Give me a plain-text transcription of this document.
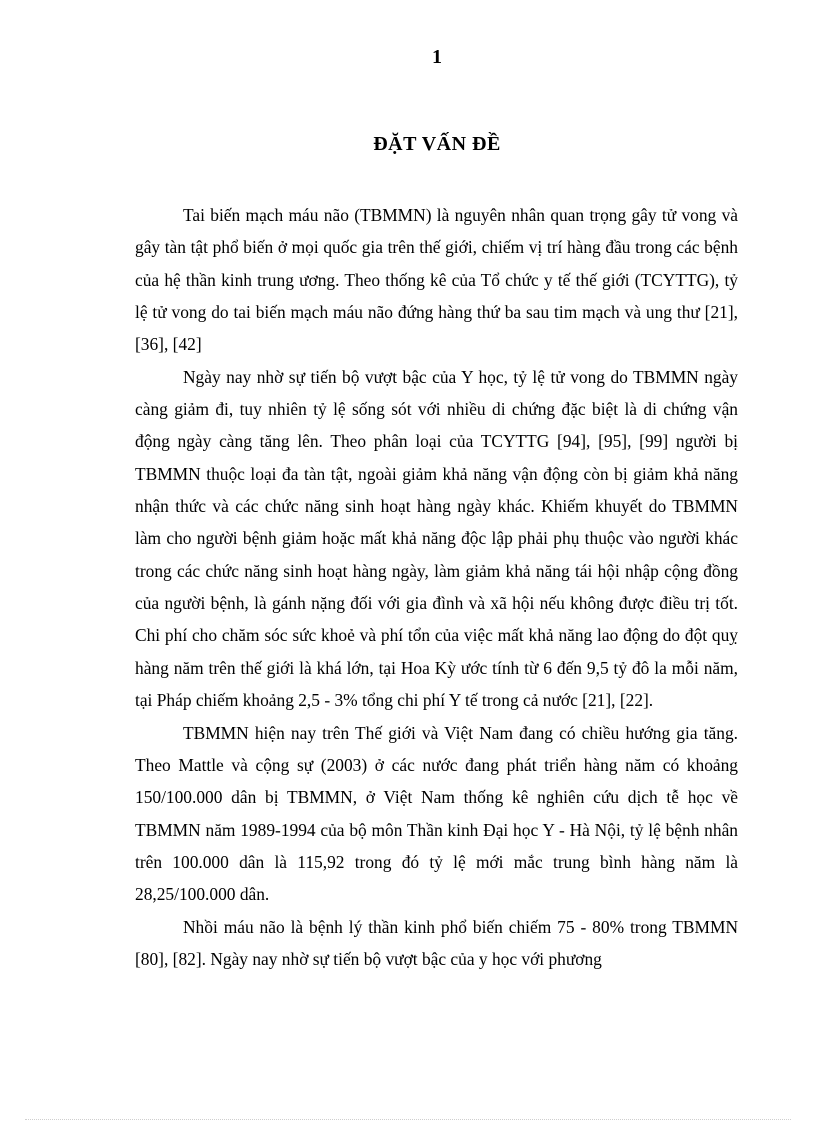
1
ĐẶT VẤN ĐỀ

Tai biến mạch máu não (TBMMN) là nguyên nhân quan trọng gây tử vong và gây tàn tật phổ biến ở mọi quốc gia trên thế giới, chiếm vị trí hàng đầu trong các bệnh của hệ thần kinh trung ương. Theo thống kê của Tổ chức y tế thế giới (TCYTTG), tỷ lệ tử vong do tai biến mạch máu não đứng hàng thứ ba sau tim mạch và ung thư [21], [36], [42]

Ngày nay nhờ sự tiến bộ vượt bậc của Y học, tỷ lệ tử vong do TBMMN ngày càng giảm đi, tuy nhiên tỷ lệ sống sót với nhiều di chứng đặc biệt là di chứng vận động ngày càng tăng lên. Theo phân loại của TCYTTG [94], [95], [99] người bị TBMMN thuộc loại đa tàn tật, ngoài giảm khả năng vận động còn bị giảm khả năng nhận thức và các chức năng sinh hoạt hàng ngày khác. Khiếm khuyết do TBMMN làm cho người bệnh giảm hoặc mất khả năng độc lập phải phụ thuộc vào người khác trong các chức năng sinh hoạt hàng ngày, làm giảm khả năng tái hội nhập cộng đồng của người bệnh, là gánh nặng đối với gia đình và xã hội nếu không được điều trị tốt. Chi phí cho chăm sóc sức khoẻ và phí tổn của việc mất khả năng lao động do đột quỵ hàng năm trên thế giới là khá lớn, tại Hoa Kỳ ước tính từ 6 đến 9,5 tỷ đô la mỗi năm, tại Pháp chiếm khoảng 2,5 - 3% tổng chi phí Y tế trong cả nước [21], [22].

TBMMN hiện nay trên Thế giới và Việt Nam đang có chiều hướng gia tăng. Theo Mattle và cộng sự (2003) ở các nước đang phát triển hàng năm có khoảng 150/100.000 dân bị TBMMN, ở Việt Nam thống kê nghiên cứu dịch tễ học về TBMMN năm 1989-1994 của bộ môn Thần kinh Đại học Y - Hà Nội, tỷ lệ bệnh nhân trên 100.000 dân là 115,92 trong đó tỷ lệ mới mắc trung bình hàng năm là 28,25/100.000 dân.

Nhồi máu não là bệnh lý thần kinh phổ biến chiếm 75 - 80% trong TBMMN [80], [82]. Ngày nay nhờ sự tiến bộ vượt bậc của y học với phương
